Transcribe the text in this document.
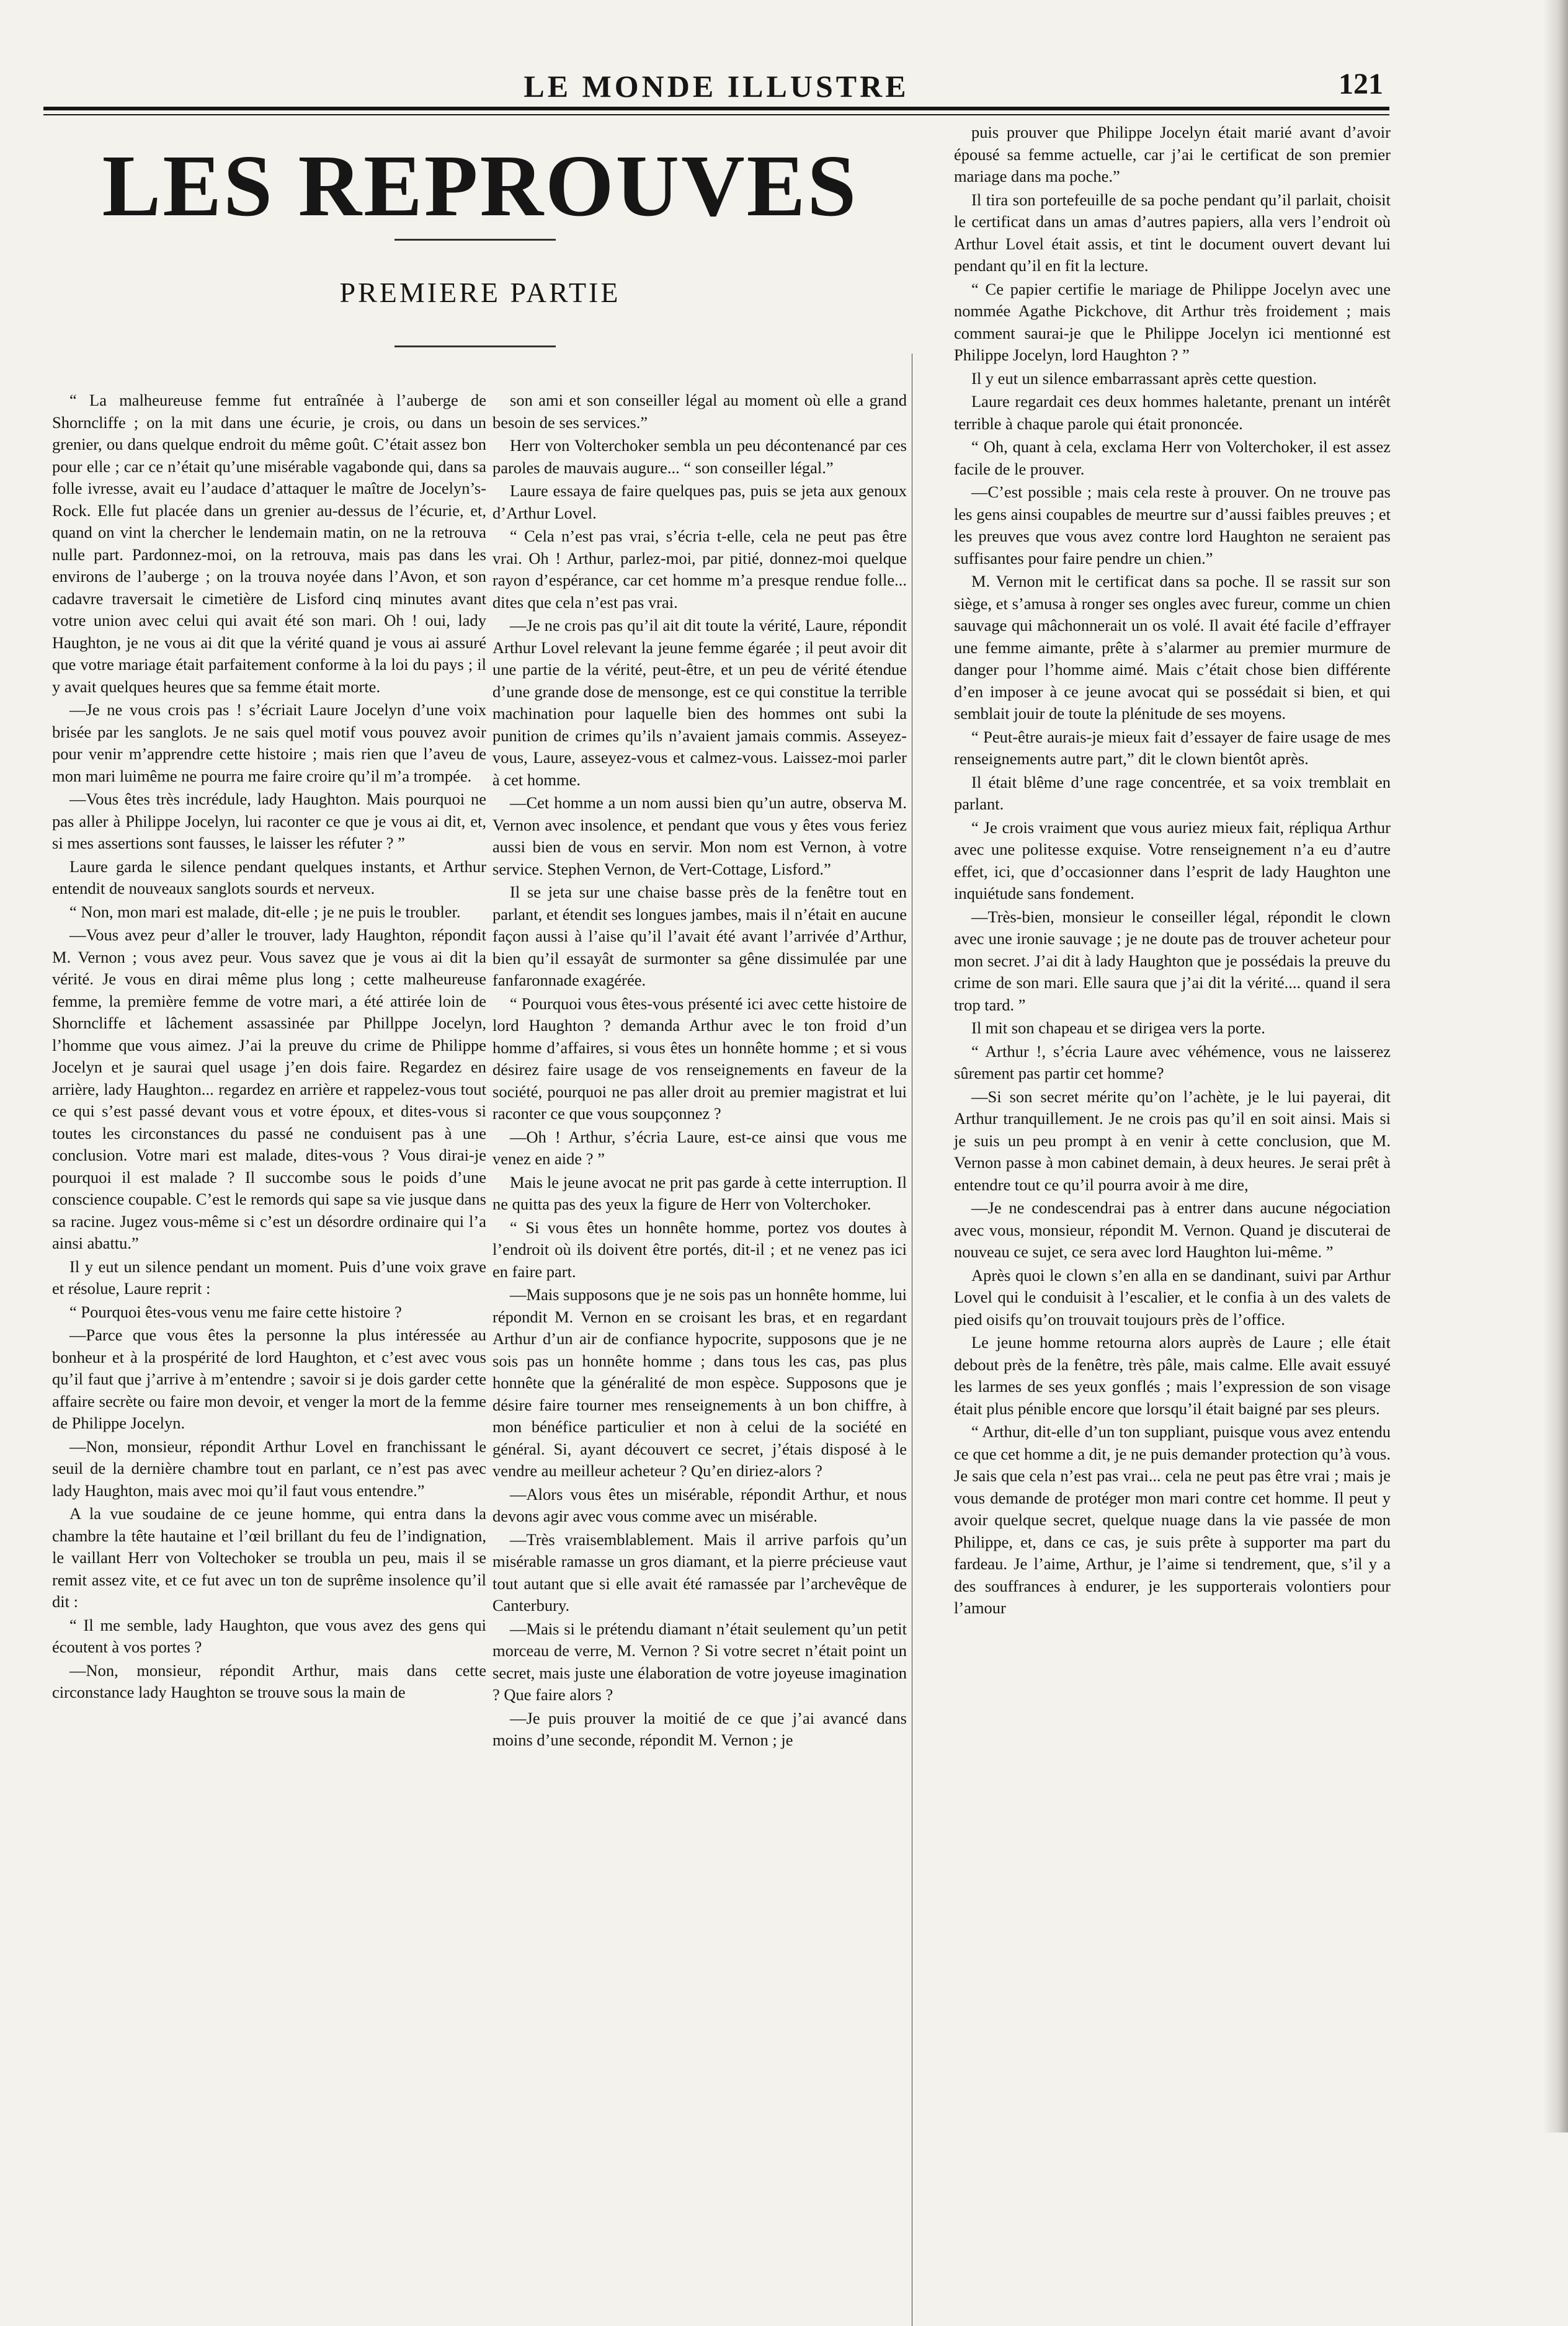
LE MONDE ILLUSTRE	121
LES REPROUVES
PREMIERE PARTIE

“ La malheureuse femme fut entraînée à l’auberge de Shorncliffe ; on la mit dans une écurie, je crois, ou dans un grenier, ou dans quelque endroit du même goût. C’était assez bon pour elle ; car ce n’était qu’une misérable vagabonde qui, dans sa folle ivresse, avait eu l’audace d’attaquer le maître de Jocelyn’s-Rock. Elle fut placée dans un grenier au-dessus de l’écurie, et, quand on vint la chercher le lendemain matin, on ne la retrouva nulle part. Pardonnez-moi, on la retrouva, mais pas dans les environs de l’auberge ; on la trouva noyée dans l’Avon, et son cadavre traversait le cimetière de Lisford cinq minutes avant votre union avec celui qui avait été son mari. Oh ! oui, lady Haughton, je ne vous ai dit que la vérité quand je vous ai assuré que votre mariage était parfaitement conforme à la loi du pays ; il y avait quelques heures que sa femme était morte.

—Je ne vous crois pas ! s’écriait Laure Jocelyn d’une voix brisée par les sanglots. Je ne sais quel motif vous pouvez avoir pour venir m’apprendre cette histoire ; mais rien que l’aveu de mon mari luimême ne pourra me faire croire qu’il m’a trompée.

—Vous êtes très incrédule, lady Haughton. Mais pourquoi ne pas aller à Philippe Jocelyn, lui raconter ce que je vous ai dit, et, si mes assertions sont fausses, le laisser les réfuter ? ”

Laure garda le silence pendant quelques instants, et Arthur entendit de nouveaux sanglots sourds et nerveux.

“ Non, mon mari est malade, dit-elle ; je ne puis le troubler.

—Vous avez peur d’aller le trouver, lady Haughton, répondit M. Vernon ; vous avez peur. Vous savez que je vous ai dit la vérité. Je vous en dirai même plus long ; cette malheureuse femme, la première femme de votre mari, a été attirée loin de Shorncliffe et lâchement assassinée par Phillppe Jocelyn, l’homme que vous aimez. J’ai la preuve du crime de Philippe Jocelyn et je saurai quel usage j’en dois faire. Regardez en arrière, lady Haughton... regardez en arrière et rappelez-vous tout ce qui s’est passé devant vous et votre époux, et dites-vous si toutes les circonstances du passé ne conduisent pas à une conclusion. Votre mari est malade, dites-vous ? Vous dirai-je pourquoi il est malade ? Il succombe sous le poids d’une conscience coupable. C’est le remords qui sape sa vie jusque dans sa racine. Jugez vous-même si c’est un désordre ordinaire qui l’a ainsi abattu.”

Il y eut un silence pendant un moment. Puis d’une voix grave et résolue, Laure reprit :

“ Pourquoi êtes-vous venu me faire cette histoire ?

—Parce que vous êtes la personne la plus intéressée au bonheur et à la prospérité de lord Haughton, et c’est avec vous qu’il faut que j’arrive à m’entendre ; savoir si je dois garder cette affaire secrète ou faire mon devoir, et venger la mort de la femme de Philippe Jocelyn.

—Non, monsieur, répondit Arthur Lovel en franchissant le seuil de la dernière chambre tout en parlant, ce n’est pas avec lady Haughton, mais avec moi qu’il faut vous entendre.”

A la vue soudaine de ce jeune homme, qui entra dans la chambre la tête hautaine et l’œil brillant du feu de l’indignation, le vaillant Herr von Voltechoker se troubla un peu, mais il se remit assez vite, et ce fut avec un ton de suprême insolence qu’il dit :

“ Il me semble, lady Haughton, que vous avez des gens qui écoutent à vos portes ?

—Non, monsieur, répondit Arthur, mais dans cette circonstance lady Haughton se trouve sous la main de

son ami et son conseiller légal au moment où elle a grand besoin de ses services.”

Herr von Volterchoker sembla un peu décontenancé par ces paroles de mauvais augure... “ son conseiller légal.”

Laure essaya de faire quelques pas, puis se jeta aux genoux d’Arthur Lovel.

“ Cela n’est pas vrai, s’écria t-elle, cela ne peut pas être vrai. Oh ! Arthur, parlez-moi, par pitié, donnez-moi quelque rayon d’espérance, car cet homme m’a presque rendue folle... dites que cela n’est pas vrai.

—Je ne crois pas qu’il ait dit toute la vérité, Laure, répondit Arthur Lovel relevant la jeune femme égarée ; il peut avoir dit une partie de la vérité, peut-être, et un peu de vérité étendue d’une grande dose de mensonge, est ce qui constitue la terrible machination pour laquelle bien des hommes ont subi la punition de crimes qu’ils n’avaient jamais commis. Asseyez-vous, Laure, asseyez-vous et calmez-vous. Laissez-moi parler à cet homme.

—Cet homme a un nom aussi bien qu’un autre, observa M. Vernon avec insolence, et pendant que vous y êtes vous feriez aussi bien de vous en servir. Mon nom est Vernon, à votre service. Stephen Vernon, de Vert-Cottage, Lisford.”

Il se jeta sur une chaise basse près de la fenêtre tout en parlant, et étendit ses longues jambes, mais il n’était en aucune façon aussi à l’aise qu’il l’avait été avant l’arrivée d’Arthur, bien qu’il essayât de surmonter sa gêne dissimulée par une fanfaronnade exagérée.

“ Pourquoi vous êtes-vous présenté ici avec cette histoire de lord Haughton ? demanda Arthur avec le ton froid d’un homme d’affaires, si vous êtes un honnête homme ; et si vous désirez faire usage de vos renseignements en faveur de la société, pourquoi ne pas aller droit au premier magistrat et lui raconter ce que vous soupçonnez ?

—Oh ! Arthur, s’écria Laure, est-ce ainsi que vous me venez en aide ? ”

Mais le jeune avocat ne prit pas garde à cette interruption. Il ne quitta pas des yeux la figure de Herr von Volterchoker.

“ Si vous êtes un honnête homme, portez vos doutes à l’endroit où ils doivent être portés, dit-il ; et ne venez pas ici en faire part.

—Mais supposons que je ne sois pas un honnête homme, lui répondit M. Vernon en se croisant les bras, et en regardant Arthur d’un air de confiance hypocrite, supposons que je ne sois pas un honnête homme ; dans tous les cas, pas plus honnête que la généralité de mon espèce. Supposons que je désire faire tourner mes renseignements à un bon chiffre, à mon bénéfice particulier et non à celui de la société en général. Si, ayant découvert ce secret, j’étais disposé à le vendre au meilleur acheteur ? Qu’en diriez-alors ?

—Alors vous êtes un misérable, répondit Arthur, et nous devons agir avec vous comme avec un misérable.

—Très vraisemblablement. Mais il arrive parfois qu’un misérable ramasse un gros diamant, et la pierre précieuse vaut tout autant que si elle avait été ramassée par l’archevêque de Canterbury.

—Mais si le prétendu diamant n’était seulement qu’un petit morceau de verre, M. Vernon ? Si votre secret n’était point un secret, mais juste une élaboration de votre joyeuse imagination ? Que faire alors ?

—Je puis prouver la moitié de ce que j’ai avancé dans moins d’une seconde, répondit M. Vernon ; je

puis prouver que Philippe Jocelyn était marié avant d’avoir épousé sa femme actuelle, car j’ai le certificat de son premier mariage dans ma poche.”

Il tira son portefeuille de sa poche pendant qu’il parlait, choisit le certificat dans un amas d’autres papiers, alla vers l’endroit où Arthur Lovel était assis, et tint le document ouvert devant lui pendant qu’il en fit la lecture.

“ Ce papier certifie le mariage de Philippe Jocelyn avec une nommée Agathe Pickchove, dit Arthur très froidement ; mais comment saurai-je que le Philippe Jocelyn ici mentionné est Philippe Jocelyn, lord Haughton ? ”

Il y eut un silence embarrassant après cette question.

Laure regardait ces deux hommes haletante, prenant un intérêt terrible à chaque parole qui était prononcée.

“ Oh, quant à cela, exclama Herr von Volterchoker, il est assez facile de le prouver.

—C’est possible ; mais cela reste à prouver. On ne trouve pas les gens ainsi coupables de meurtre sur d’aussi faibles preuves ; et les preuves que vous avez contre lord Haughton ne seraient pas suffisantes pour faire pendre un chien.”

M. Vernon mit le certificat dans sa poche. Il se rassit sur son siège, et s’amusa à ronger ses ongles avec fureur, comme un chien sauvage qui mâchonnerait un os volé. Il avait été facile d’effrayer une femme aimante, prête à s’alarmer au premier murmure de danger pour l’homme aimé. Mais c’était chose bien différente d’en imposer à ce jeune avocat qui se possédait si bien, et qui semblait jouir de toute la plénitude de ses moyens.

“ Peut-être aurais-je mieux fait d’essayer de faire usage de mes renseignements autre part,” dit le clown bientôt après.

Il était blême d’une rage concentrée, et sa voix tremblait en parlant.

“ Je crois vraiment que vous auriez mieux fait, répliqua Arthur avec une politesse exquise. Votre renseignement n’a eu d’autre effet, ici, que d’occasionner dans l’esprit de lady Haughton une inquiétude sans fondement.

—Très-bien, monsieur le conseiller légal, répondit le clown avec une ironie sauvage ; je ne doute pas de trouver acheteur pour mon secret. J’ai dit à lady Haughton que je possédais la preuve du crime de son mari. Elle saura que j’ai dit la vérité.... quand il sera trop tard. ”

Il mit son chapeau et se dirigea vers la porte.

“ Arthur !, s’écria Laure avec véhémence, vous ne laisserez sûrement pas partir cet homme?

—Si son secret mérite qu’on l’achète, je le lui payerai, dit Arthur tranquillement. Je ne crois pas qu’il en soit ainsi. Mais si je suis un peu prompt à en venir à cette conclusion, que M. Vernon passe à mon cabinet demain, à deux heures. Je serai prêt à entendre tout ce qu’il pourra avoir à me dire,

—Je ne condescendrai pas à entrer dans aucune négociation avec vous, monsieur, répondit M. Vernon. Quand je discuterai de nouveau ce sujet, ce sera avec lord Haughton lui-même. ”

Après quoi le clown s’en alla en se dandinant, suivi par Arthur Lovel qui le conduisit à l’escalier, et le confia à un des valets de pied oisifs qu’on trouvait toujours près de l’office.

Le jeune homme retourna alors auprès de Laure ; elle était debout près de la fenêtre, très pâle, mais calme. Elle avait essuyé les larmes de ses yeux gonflés ; mais l’expression de son visage était plus pénible encore que lorsqu’il était baigné par ses pleurs.

“ Arthur, dit-elle d’un ton suppliant, puisque vous avez entendu ce que cet homme a dit, je ne puis demander protection qu’à vous. Je sais que cela n’est pas vrai... cela ne peut pas être vrai ; mais je vous demande de protéger mon mari contre cet homme. Il peut y avoir quelque secret, quelque nuage dans la vie passée de mon Philippe, et, dans ce cas, je suis prête à supporter ma part du fardeau. Je l’aime, Arthur, je l’aime si tendrement, que, s’il y a des souffrances à endurer, je les supporterais volontiers pour l’amour
